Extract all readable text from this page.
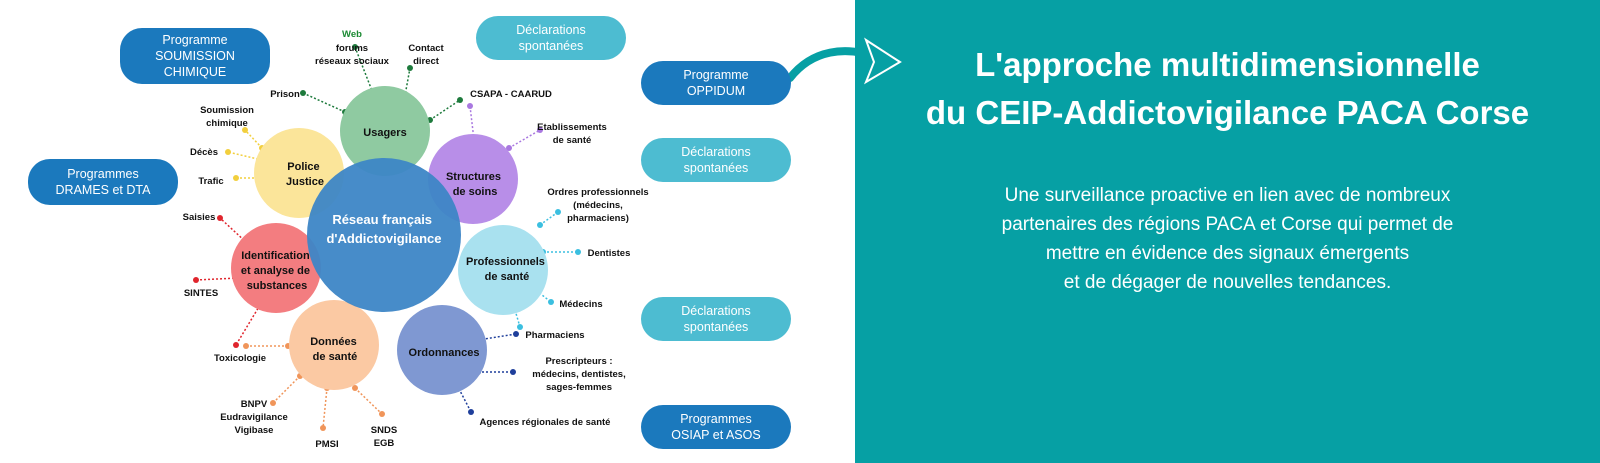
Réseau français d'Addictovigilance
Usagers
Police Justice	Structures de soins
Identification et analyse de substances
Professionnels de santé
Données de santé	Ordonnances
Web
forums réseaux sociaux
Contact direct
Prison	CSAPA - CAARUD
Etablissements de santé
Soumission chimique
Décès
Trafic
Saisies
Ordres professionnels (médecins, pharmaciens)
Dentistes
Médecins
Pharmaciens
SINTES
Toxicologie	Prescripteurs : médecins, dentistes, sages-femmes
BNPV Eudravigilance Vigibase
PMSI
SNDS EGB
Agences régionales de santé
Programme
SOUMISSION
CHIMIQUE
Déclarations
spontanées
Programmes
DRAMES et DTA
Programme
OPPIDUM
Déclarations
spontanées
Déclarations
spontanées
Programmes
OSIAP et ASOS
L'approche multidimensionnelle
du CEIP-Addictovigilance PACA Corse
Une surveillance proactive en lien avec de nombreux
partenaires des régions PACA et Corse qui permet de
mettre en évidence des signaux émergents
et de dégager de nouvelles tendances.
